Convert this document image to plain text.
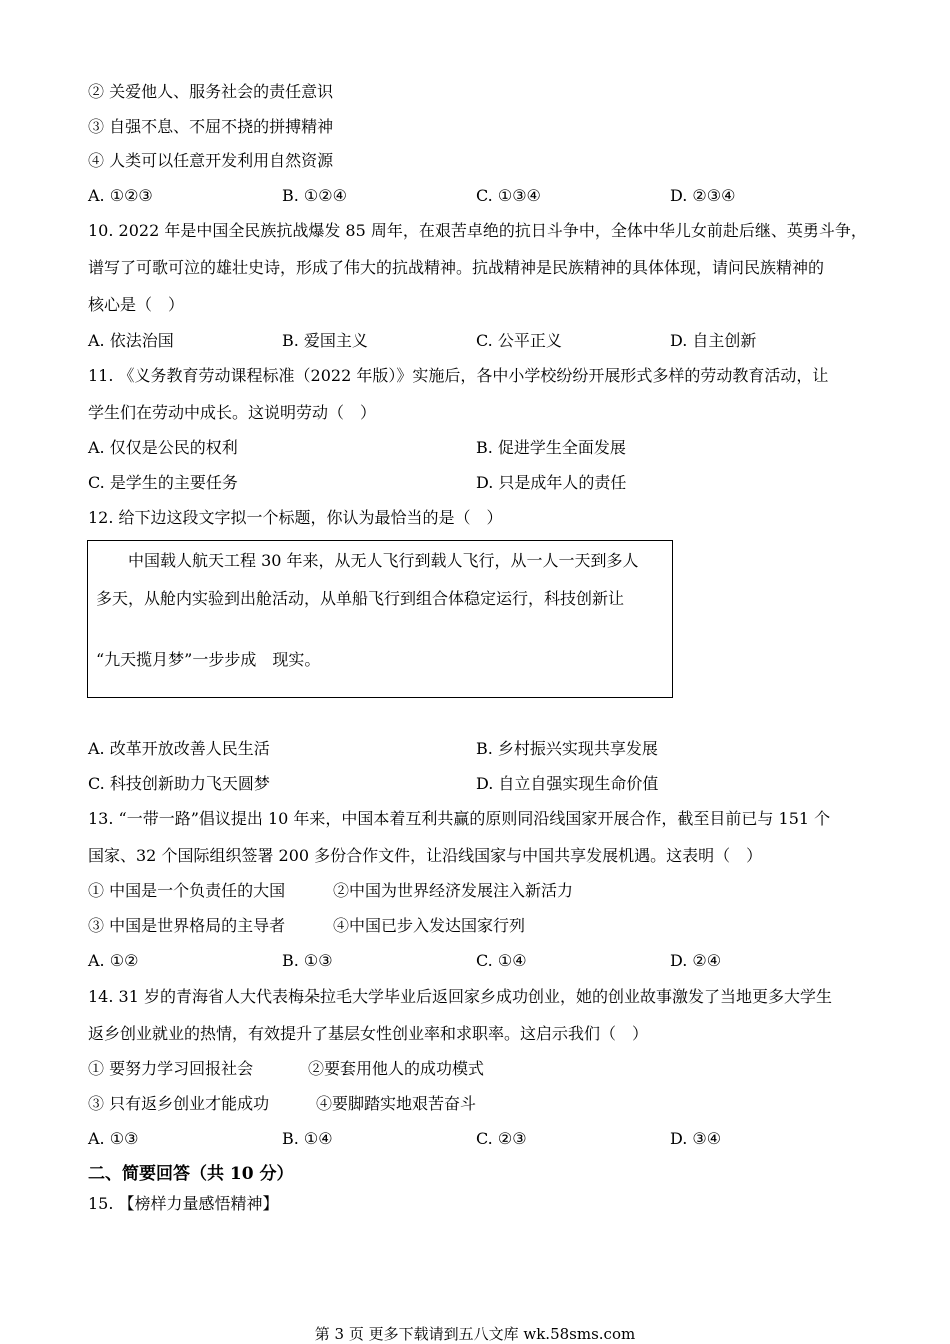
② 关爱他人、服务社会的责任意识
③ 自强不息、不屈不挠的拼搏精神
④ 人类可以任意开发利用自然资源
A. ①②③	B. ①②④	C. ①③④	D. ②③④
10. 2022 年是中国全民族抗战爆发 85 周年，在艰苦卓绝的抗日斗争中，全体中华儿女前赴后继、英勇斗争，
谱写了可歌可泣的雄壮史诗，形成了伟大的抗战精神。抗战精神是民族精神的具体体现，请问民族精神的
核心是（　）
A. 依法治国	B. 爱国主义	C. 公平正义	D. 自主创新
11. 《义务教育劳动课程标准（2022 年版）》实施后，各中小学校纷纷开展形式多样的劳动教育活动，让
学生们在劳动中成长。这说明劳动（　）
A. 仅仅是公民的权利	B. 促进学生全面发展
C. 是学生的主要任务	D. 只是成年人的责任
12. 给下边这段文字拟一个标题，你认为最恰当的是（　）
　　中国载人航天工程 30 年来，从无人飞行到载人飞行，从一人一天到多人
多天，从舱内实验到出舱活动，从单船飞行到组合体稳定运行，科技创新让
“九天揽月梦”一步步成　现实。
A. 改革开放改善人民生活	B. 乡村振兴实现共享发展
C. 科技创新助力飞天圆梦	D. 自立自强实现生命价值
13. “一带一路”倡议提出 10 年来，中国本着互利共赢的原则同沿线国家开展合作，截至目前已与 151 个
国家、32 个国际组织签署 200 多份合作文件，让沿线国家与中国共享发展机遇。这表明（　）
① 中国是一个负责任的大国	②中国为世界经济发展注入新活力
③ 中国是世界格局的主导者	④中国已步入发达国家行列
A. ①②	B. ①③	C. ①④	D. ②④
14. 31 岁的青海省人大代表梅朵拉毛大学毕业后返回家乡成功创业，她的创业故事激发了当地更多大学生
返乡创业就业的热情，有效提升了基层女性创业率和求职率。这启示我们（　）
① 要努力学习回报社会	②要套用他人的成功模式
③ 只有返乡创业才能成功	④要脚踏实地艰苦奋斗
A. ①③	B. ①④	C. ②③	D. ③④
二、简要回答（共 10 分）
15. 【榜样力量感悟精神】
第 3 页 更多下载请到五八文库 wk.58sms.com
